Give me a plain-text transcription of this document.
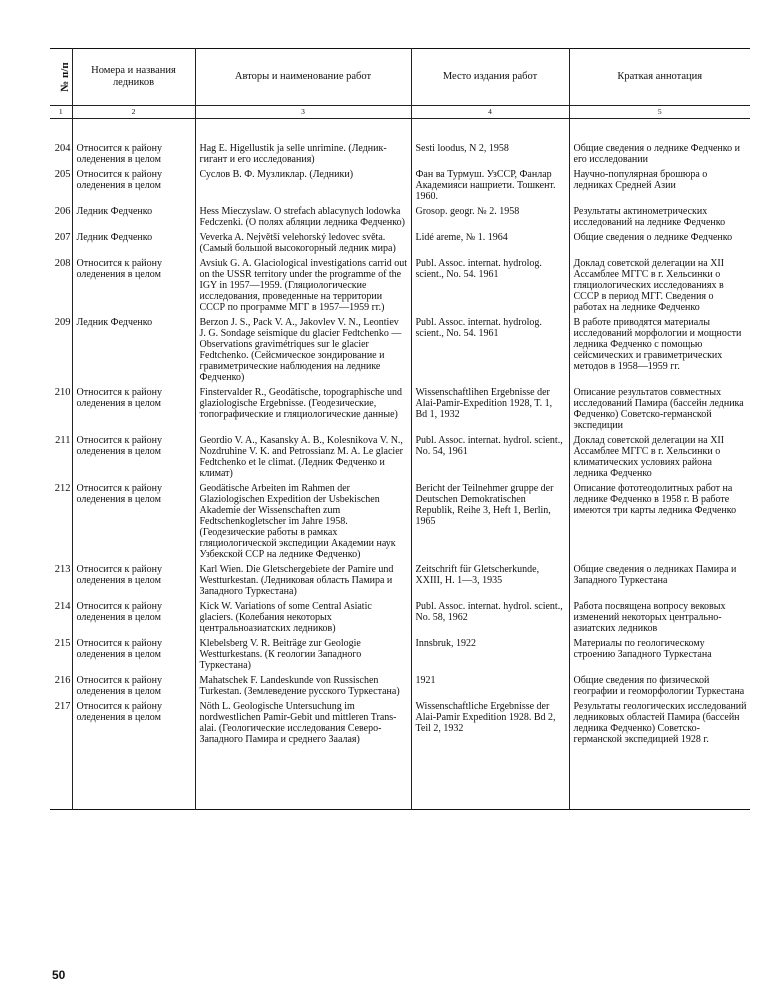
№ п/п	Номера и названия ледников	Авторы и наименование работ	Место издания работ	Краткая аннотация
1	2	3	4	5

204	Относится к району оледенения в целом	Hag E. Higellustik ja selle unrimine. (Ледник-гигант и его исследования)	Sesti loodus, N 2, 1958	Общие сведения о леднике Федченко и его исследовании
205	Относится к району оледенения в целом	Суслов В. Ф. Музликлар. (Ледники)	Фан ва Турмуш. УзССР, Фанлар Академияси нашриети. Тошкент. 1960.	Научно-популярная брошюра о ледниках Средней Азии
206	Ледник Федченко	Hess Mieczyslaw. O strefach ablacynych lodowka Fedczenki. (О полях абляции ледника Федченко)	Grosop. geogr. № 2. 1958	Результаты актинометрических исследований на леднике Федченко
207	Ледник Федченко	Veverka A. Největší velehorský ledovec světa. (Самый большой высокогорный ледник мира)	Lidé areme, № 1. 1964	Общие сведения о леднике Федченко
208	Относится к району оледенения в целом	Avsiuk G. A. Glaciological investigations carrid out on the USSR territory under the programme of the IGY in 1957—1959. (Гляциологические исследования, проведенные на территории СССР по программе МГГ в 1957—1959 гг.)	Publ. Assoc. internat. hydrolog. scient., No. 54. 1961	Доклад советской делегации на XII Ассамблее МГГС в г. Хельсинки о гляциологических исследованиях в СССР в период МГГ. Сведения о работах на леднике Федченко
209	Ледник Федченко	Berzon J. S., Pack V. A., Jakovlev V. N., Leontiev J. G. Sondage seismique du glacier Fedtchenko — Observations gravimétriques sur le glacier Fedtchenko. (Сейсмическое зондирование и гравиметрические наблюдения на леднике Федченко)	Publ. Assoc. internat. hydrolog. scient., No. 54. 1961	В работе приводятся материалы исследований морфологии и мощности ледника Федченко с помощью сейсмических и гравиметрических методов в 1958—1959 гг.
210	Относится к району оледенения в целом	Finstervalder R., Geodätische, topographische und glaziologische Ergebnisse. (Геодезические, топографические и гляциологические данные)	Wissenschaftlihen Ergebnisse der Alai-Pamir-Expedition 1928, T. 1, Bd 1, 1932	Описание результатов совместных исследований Памира (бассейн ледника Федченко) Советско-германской экспедиции
211	Относится к району оледенения в целом	Geordio V. A., Kasansky A. B., Kolesnikova V. N., Nozdruhine V. K. and Petrossianz M. A. Le glacier Fedtchenko et le climat. (Ледник Федченко и климат)	Publ. Assoc. internat. hydrol. scient., No. 54, 1961	Доклад советской делегации на XII Ассамблее МГГС в г. Хельсинки о климатических условиях района ледника Федченко
212	Относится к району оледенения в целом	Geodätische Arbeiten im Rahmen der Glaziologischen Expedition der Usbekischen Akademie der Wissenschaften zum Fedtschenkogletscher im Jahre 1958. (Геодезические работы в рамках гляциологической экспедиции Академии наук Узбекской ССР на леднике Федченко)	Bericht der Teilnehmer gruppe der Deutschen Demokratischen Republik, Reihe 3, Heft 1, Berlin, 1965	Описание фототеодолитных работ на леднике Федченко в 1958 г. В работе имеются три карты ледника Федченко
213	Относится к району оледенения в целом	Karl Wien. Die Gletschergebiete der Pamire und Westturkestan. (Ледниковая область Памира и Западного Туркестана)	Zeitschrift für Gletscherkunde, XXIII, H. 1—3, 1935	Общие сведения о ледниках Памира и Западного Туркестана
214	Относится к району оледенения в целом	Kick W. Variations of some Central Asiatic glaciers. (Колебания некоторых центральноазиатских ледников)	Publ. Assoc. internat. hydrol. scient., No. 58, 1962	Работа посвящена вопросу вековых изменений некоторых центрально-азиатских ледников
215	Относится к району оледенения в целом	Klebelsberg V. R. Beiträge zur Geologie Westturkestans. (К геологии Западного Туркестана)	Innsbruk, 1922	Материалы по геологическому строению Западного Туркестана
216	Относится к району оледенения в целом	Mahatschek F. Landeskunde von Russischen Turkestan. (Землеведение русского Туркестана)	1921	Общие сведения по физической географии и геоморфологии Туркестана
217	Относится к району оледенения в целом	Nöth L. Geologische Untersuchung im nordwestlichen Pamir-Gebit und mittleren Trans-alai. (Геологические исследования Северо-Западного Памира и среднего Заалая)	Wissenschaftliche Ergebnisse der Alai-Pamir Expedition 1928. Bd 2, Teil 2, 1932	Результаты геологических исследований ледниковых областей Памира (бассейн ледника Федченко) Советско-германской экспедицией 1928 г.

50
